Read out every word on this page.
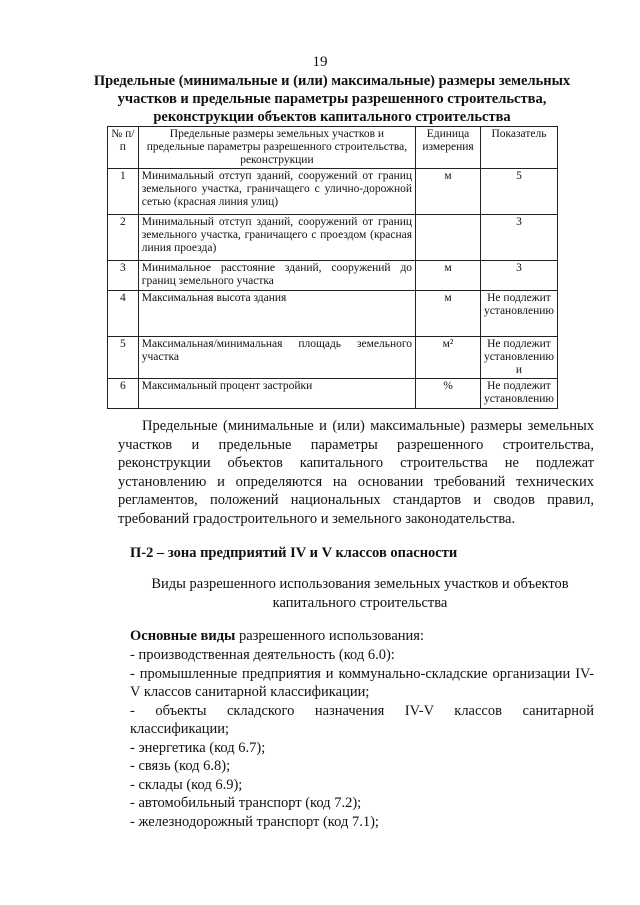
19
Предельные (минимальные и (или) максимальные) размеры земельных участков и предельные параметры разрешенного строительства, реконструкции объектов капитального строительства
№ п/п	Предельные размеры земельных участков и предельные параметры разрешенного строительства, реконструкции	Единица измерения	Показатель
1	Минимальный отступ зданий, сооружений от границ земельного участка, граничащего с улично-дорожной сетью (красная линия улиц)	м	5
2	Минимальный отступ зданий, сооружений от границ земельного участка, граничащего с проездом (красная линия проезда)		3
3	Минимальное расстояние зданий, сооружений до границ земельного участка	м	3
4	Максимальная высота здания	м	Не подлежит установлению
5	Максимальная/минимальная площадь земельного участка	м²	Не подлежит установлению и
6	Максимальный процент застройки	%	Не подлежит установлению
Предельные (минимальные и (или) максимальные) размеры земельных участков и предельные параметры разрешенного строительства, реконструкции объектов капитального строительства не подлежат установлению и определяются на основании требований технических регламентов, положений национальных стандартов и сводов правил, требований градостроительного и земельного законодательства.
П-2 – зона предприятий IV и V классов опасности
Виды разрешенного использования земельных участков и объектов капитального строительства
Основные виды разрешенного использования:
- производственная деятельность (код 6.0):
- промышленные предприятия и коммунально-складские организации IV-V классов санитарной классификации;
- объекты складского назначения IV-V классов санитарной классификации;
- энергетика (код 6.7);
- связь (код 6.8);
- склады (код 6.9);
- автомобильный транспорт (код 7.2);
- железнодорожный транспорт (код 7.1);
